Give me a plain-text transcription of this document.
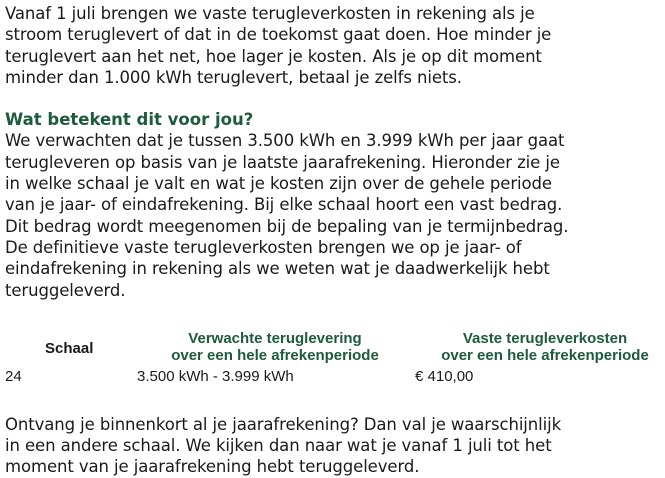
Vanaf 1 juli brengen we vaste terugleverkosten in rekening als je
stroom teruglevert of dat in de toekomst gaat doen. Hoe minder je
teruglevert aan het net, hoe lager je kosten. Als je op dit moment
minder dan 1.000 kWh teruglevert, betaal je zelfs niets.

Wat betekent dit voor jou?

We verwachten dat je tussen 3.500 kWh en 3.999 kWh per jaar gaat
terugleveren op basis van je laatste jaarafrekening. Hieronder zie je
in welke schaal je valt en wat je kosten zijn over de gehele periode
van je jaar- of eindafrekening. Bij elke schaal hoort een vast bedrag.
Dit bedrag wordt meegenomen bij de bepaling van je termijnbedrag.
De definitieve vaste terugleverkosten brengen we op je jaar- of
eindafrekening in rekening als we weten wat je daadwerkelijk hebt
teruggeleverd.

Schaal
Verwachte teruglevering
over een hele afrekenperiode
Vaste terugleverkosten
over een hele afrekenperiode
24	3.500 kWh - 3.999 kWh	€ 410,00

Ontvang je binnenkort al je jaarafrekening? Dan val je waarschijnlijk
in een andere schaal. We kijken dan naar wat je vanaf 1 juli tot het
moment van je jaarafrekening hebt teruggeleverd.
